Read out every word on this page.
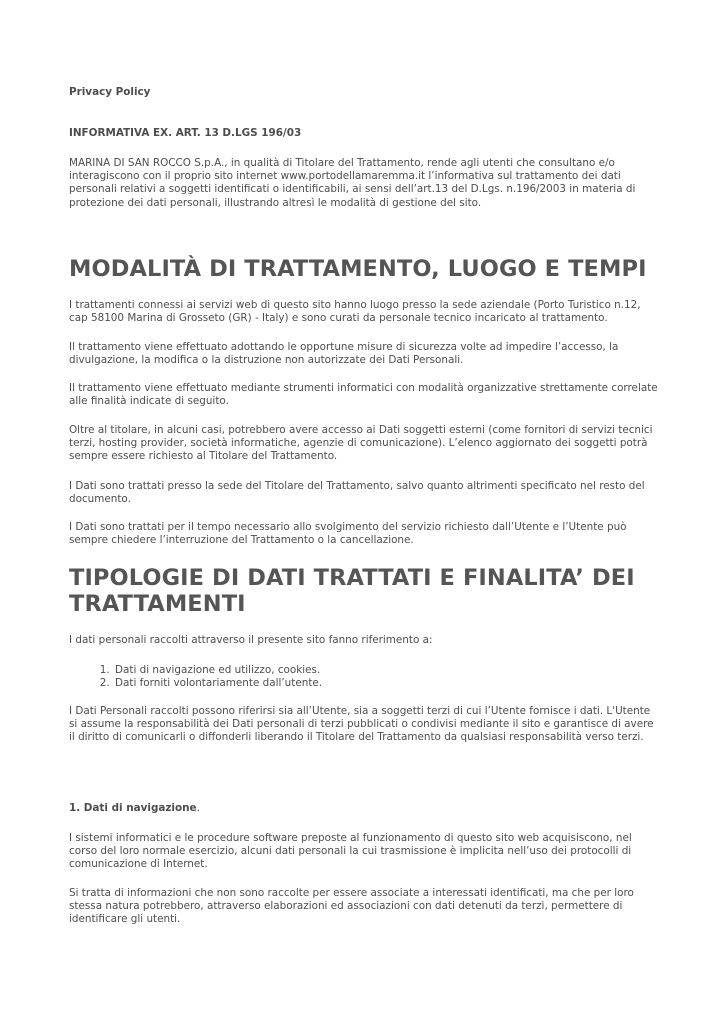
Privacy Policy

INFORMATIVA EX. ART. 13 D.LGS 196/03

MARINA DI SAN ROCCO S.p.A., in qualità di Titolare del Trattamento, rende agli utenti che consultano e/o interagiscono con il proprio sito internet www.portodellamaremma.it l’informativa sul trattamento dei dati personali relativi a soggetti identificati o identificabili, ai sensi dell’art.13 del D.Lgs. n.196/2003 in materia di protezione dei dati personali, illustrando altresì le modalità di gestione del sito.

MODALITÀ DI TRATTAMENTO, LUOGO E TEMPI

I trattamenti connessi ai servizi web di questo sito hanno luogo presso la sede aziendale (Porto Turistico n.12, cap 58100 Marina di Grosseto (GR) - Italy) e sono curati da personale tecnico incaricato al trattamento.

Il trattamento viene effettuato adottando le opportune misure di sicurezza volte ad impedire l’accesso, la divulgazione, la modifica o la distruzione non autorizzate dei Dati Personali.

Il trattamento viene effettuato mediante strumenti informatici con modalità organizzative strettamente correlate alle finalità indicate di seguito.

Oltre al titolare, in alcuni casi, potrebbero avere accesso ai Dati soggetti esterni (come fornitori di servizi tecnici terzi, hosting provider, società informatiche, agenzie di comunicazione). L’elenco aggiornato dei soggetti potrà sempre essere richiesto al Titolare del Trattamento.

I Dati sono trattati presso la sede del Titolare del Trattamento, salvo quanto altrimenti specificato nel resto del documento.

I Dati sono trattati per il tempo necessario allo svolgimento del servizio richiesto dall’Utente e l’Utente può sempre chiedere l’interruzione del Trattamento o la cancellazione.

TIPOLOGIE DI DATI TRATTATI E FINALITA’ DEI TRATTAMENTI

I dati personali raccolti attraverso il presente sito fanno riferimento a:

1. Dati di navigazione ed utilizzo, cookies.
2. Dati forniti volontariamente dall’utente.

I Dati Personali raccolti possono riferirsi sia all’Utente, sia a soggetti terzi di cui l’Utente fornisce i dati. L'Utente si assume la responsabilità dei Dati personali di terzi pubblicati o condivisi mediante il sito e garantisce di avere il diritto di comunicarli o diffonderli liberando il Titolare del Trattamento da qualsiasi responsabilità verso terzi.

1. Dati di navigazione.

I sistemi informatici e le procedure software preposte al funzionamento di questo sito web acquisiscono, nel corso del loro normale esercizio, alcuni dati personali la cui trasmissione è implicita nell’uso dei protocolli di comunicazione di Internet.

Si tratta di informazioni che non sono raccolte per essere associate a interessati identificati, ma che per loro stessa natura potrebbero, attraverso elaborazioni ed associazioni con dati detenuti da terzi, permettere di identificare gli utenti.
